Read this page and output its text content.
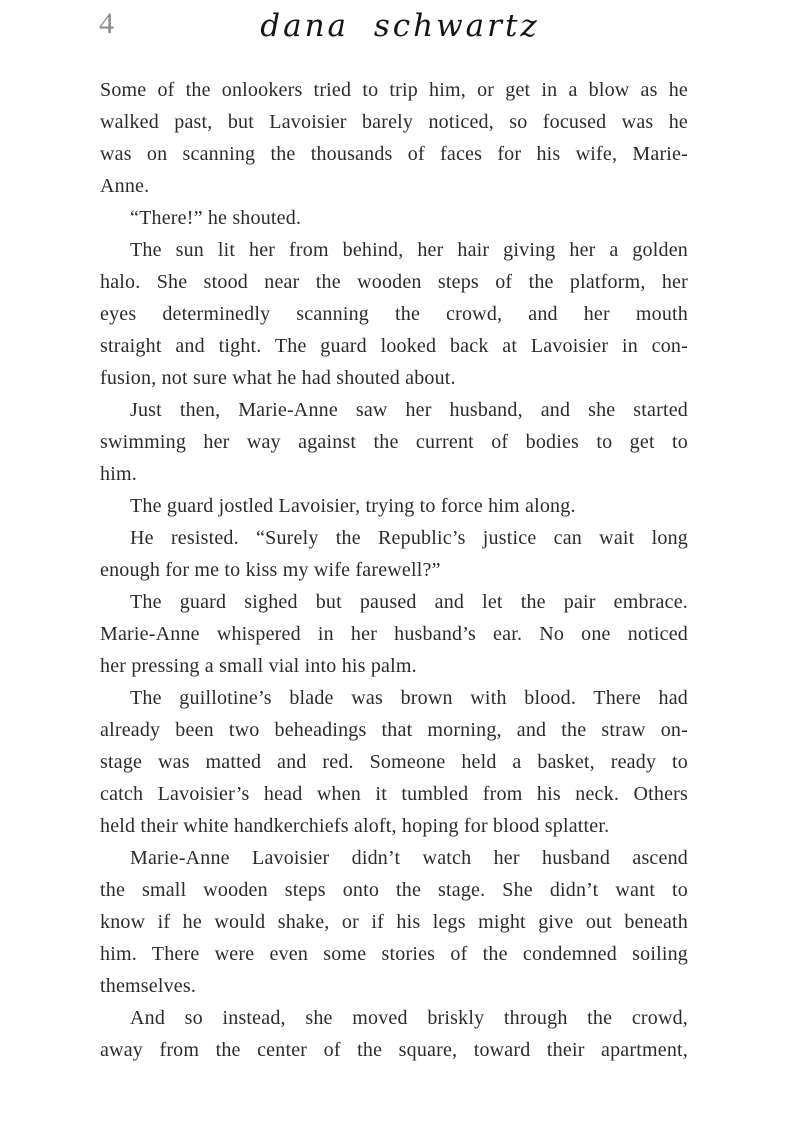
4	dana schwartz
Some of the onlookers tried to trip him, or get in a blow as he
walked past, but Lavoisier barely noticed, so focused was he
was on scanning the thousands of faces for his wife, Marie-
Anne.
“There!” he shouted.
The sun lit her from behind, her hair giving her a golden
halo. She stood near the wooden steps of the platform, her
eyes determinedly scanning the crowd, and her mouth
straight and tight. The guard looked back at Lavoisier in con-
fusion, not sure what he had shouted about.
Just then, Marie-Anne saw her husband, and she started
swimming her way against the current of bodies to get to
him.
The guard jostled Lavoisier, trying to force him along.
He resisted. “Surely the Republic’s justice can wait long
enough for me to kiss my wife farewell?”
The guard sighed but paused and let the pair embrace.
Marie-Anne whispered in her husband’s ear. No one noticed
her pressing a small vial into his palm.
The guillotine’s blade was brown with blood. There had
already been two beheadings that morning, and the straw on-
stage was matted and red. Someone held a basket, ready to
catch Lavoisier’s head when it tumbled from his neck. Others
held their white handkerchiefs aloft, hoping for blood splatter.
Marie-Anne Lavoisier didn’t watch her husband ascend
the small wooden steps onto the stage. She didn’t want to
know if he would shake, or if his legs might give out beneath
him. There were even some stories of the condemned soiling
themselves.
And so instead, she moved briskly through the crowd,
away from the center of the square, toward their apartment,
